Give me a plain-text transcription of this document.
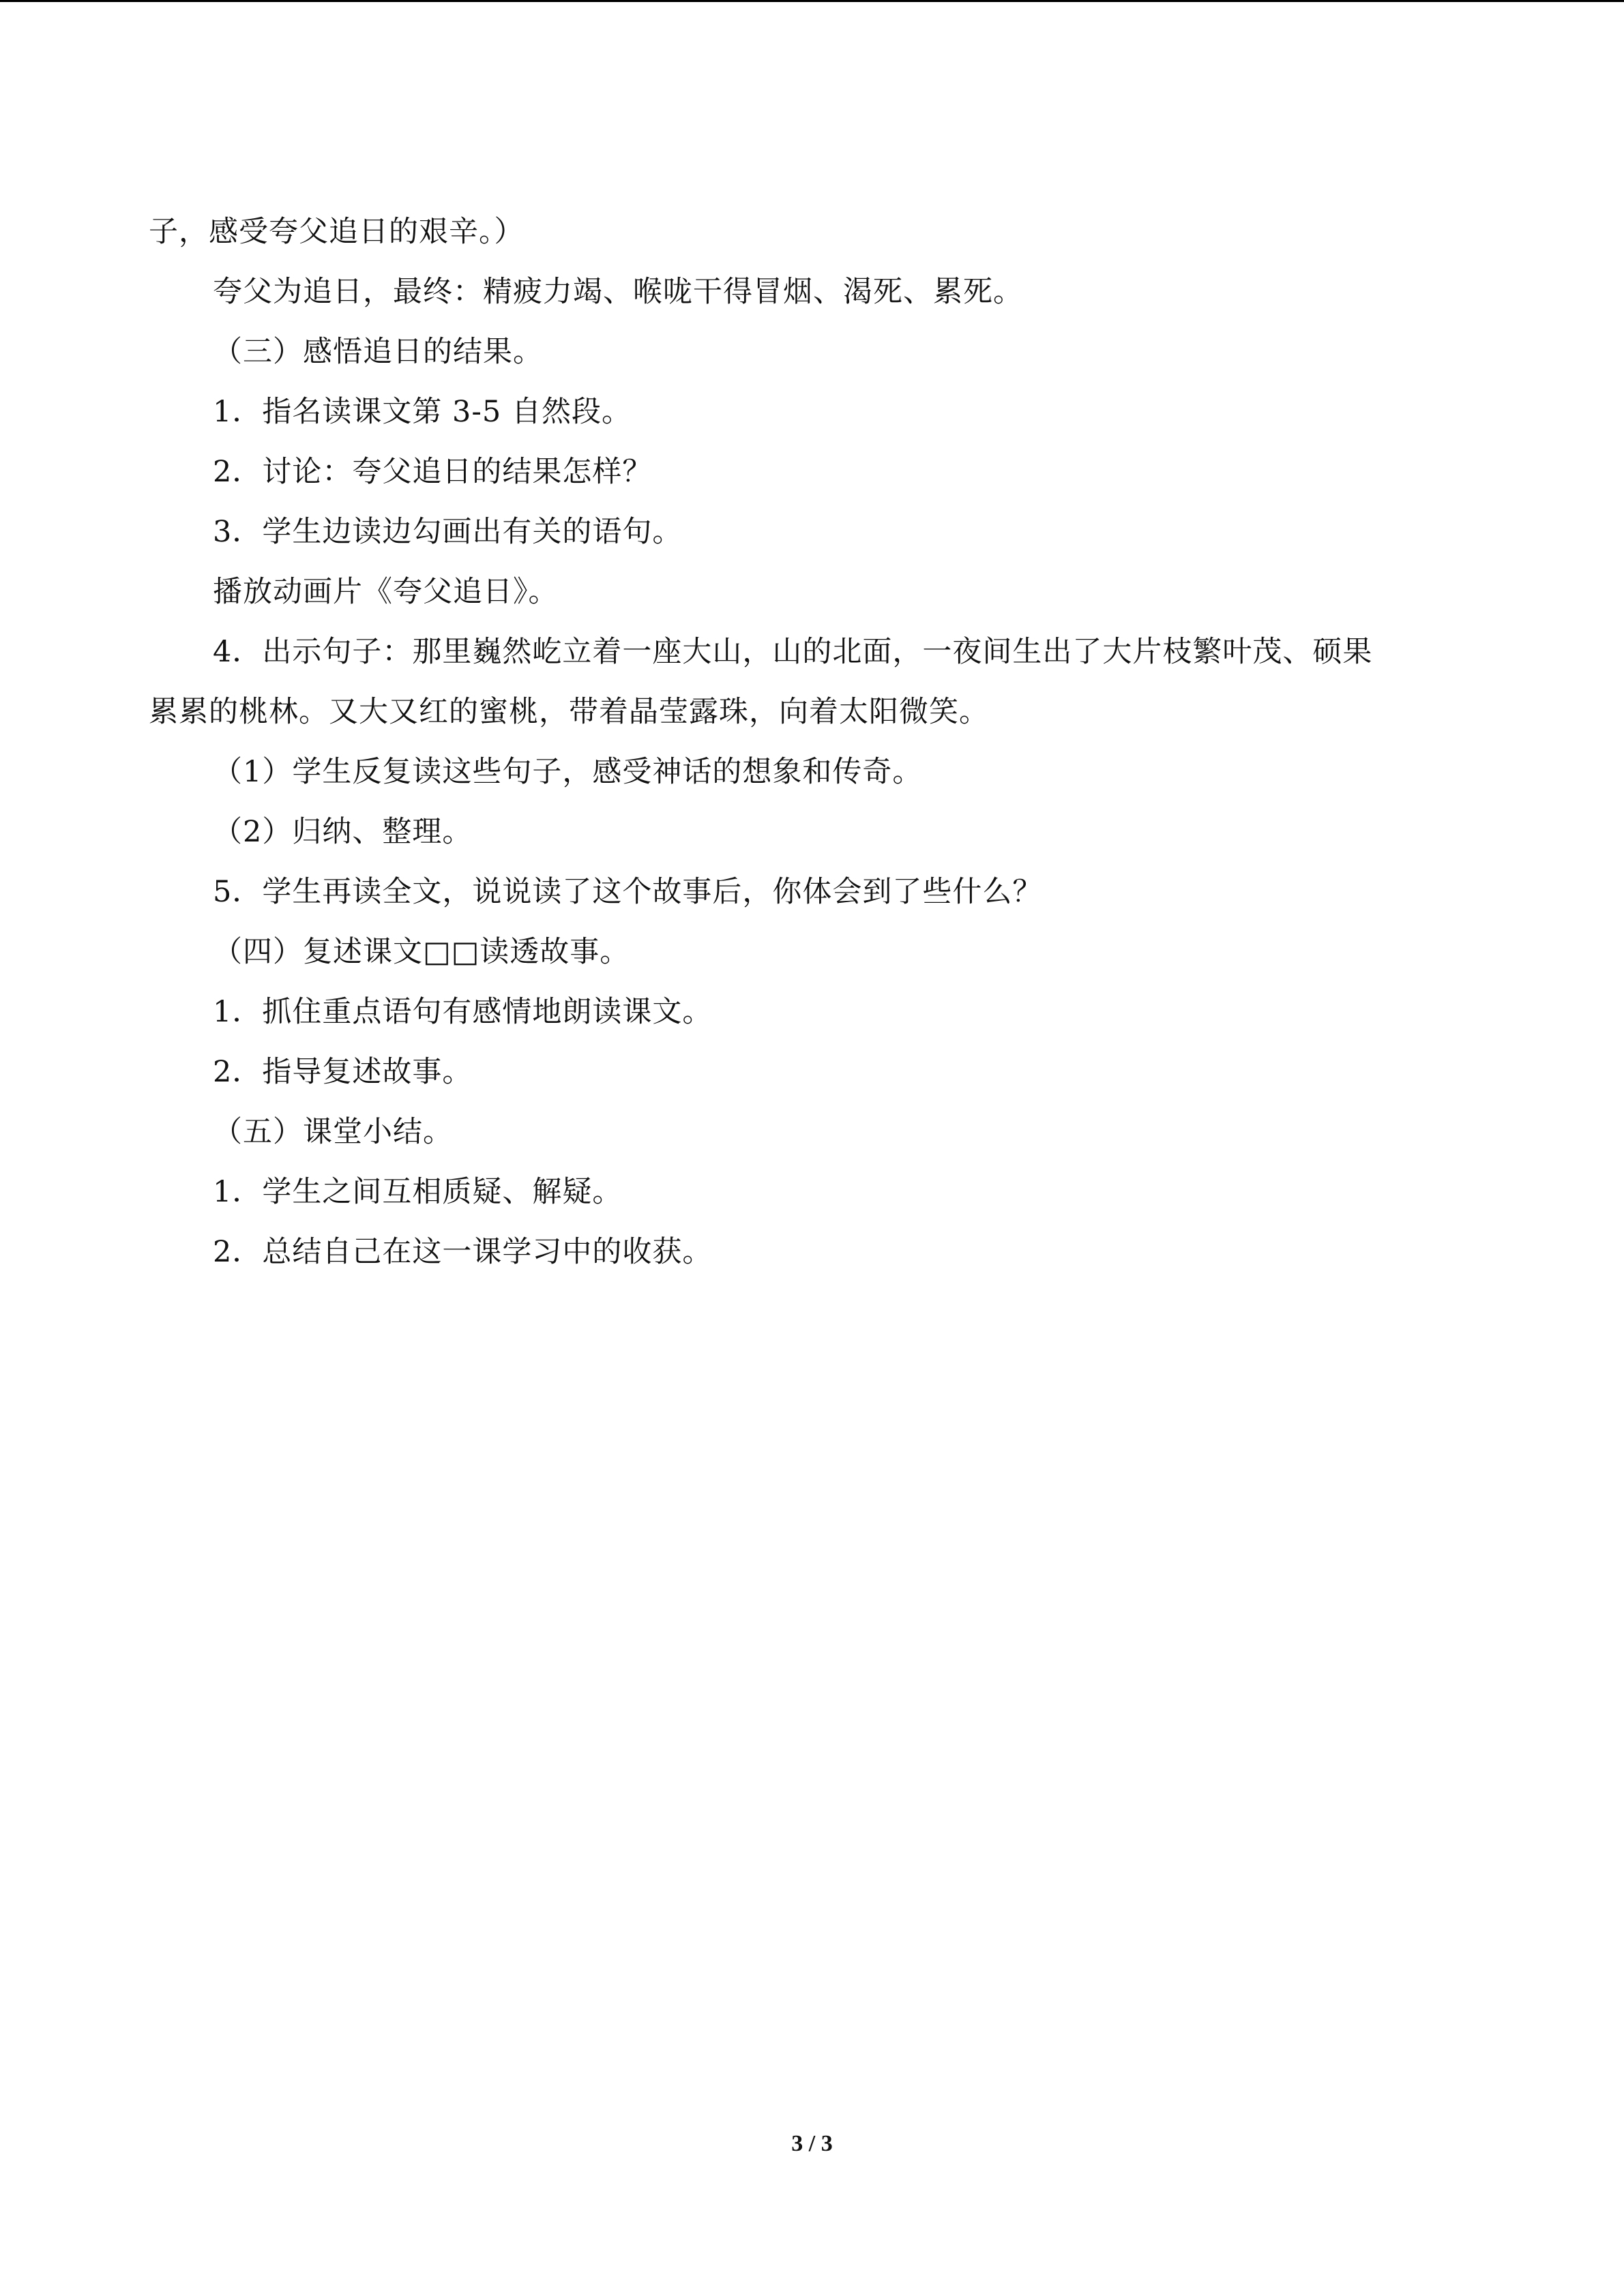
子，感受夸父追日的艰辛。）
夸父为追日，最终：精疲力竭、喉咙干得冒烟、渴死、累死。
（三）感悟追日的结果。
1．指名读课文第 3-5 自然段。
2．讨论：夸父追日的结果怎样？
3．学生边读边勾画出有关的语句。
播放动画片《夸父追日》。
4．出示句子：那里巍然屹立着一座大山，山的北面，一夜间生出了大片枝繁叶茂、硕果
累累的桃林。又大又红的蜜桃，带着晶莹露珠，向着太阳微笑。
（1）学生反复读这些句子，感受神话的想象和传奇。
（2）归纳、整理。
5．学生再读全文，说说读了这个故事后，你体会到了些什么？
（四）复述课文□□读透故事。
1．抓住重点语句有感情地朗读课文。
2．指导复述故事。
（五）课堂小结。
1．学生之间互相质疑、解疑。
2．总结自己在这一课学习中的收获。
3 / 3
